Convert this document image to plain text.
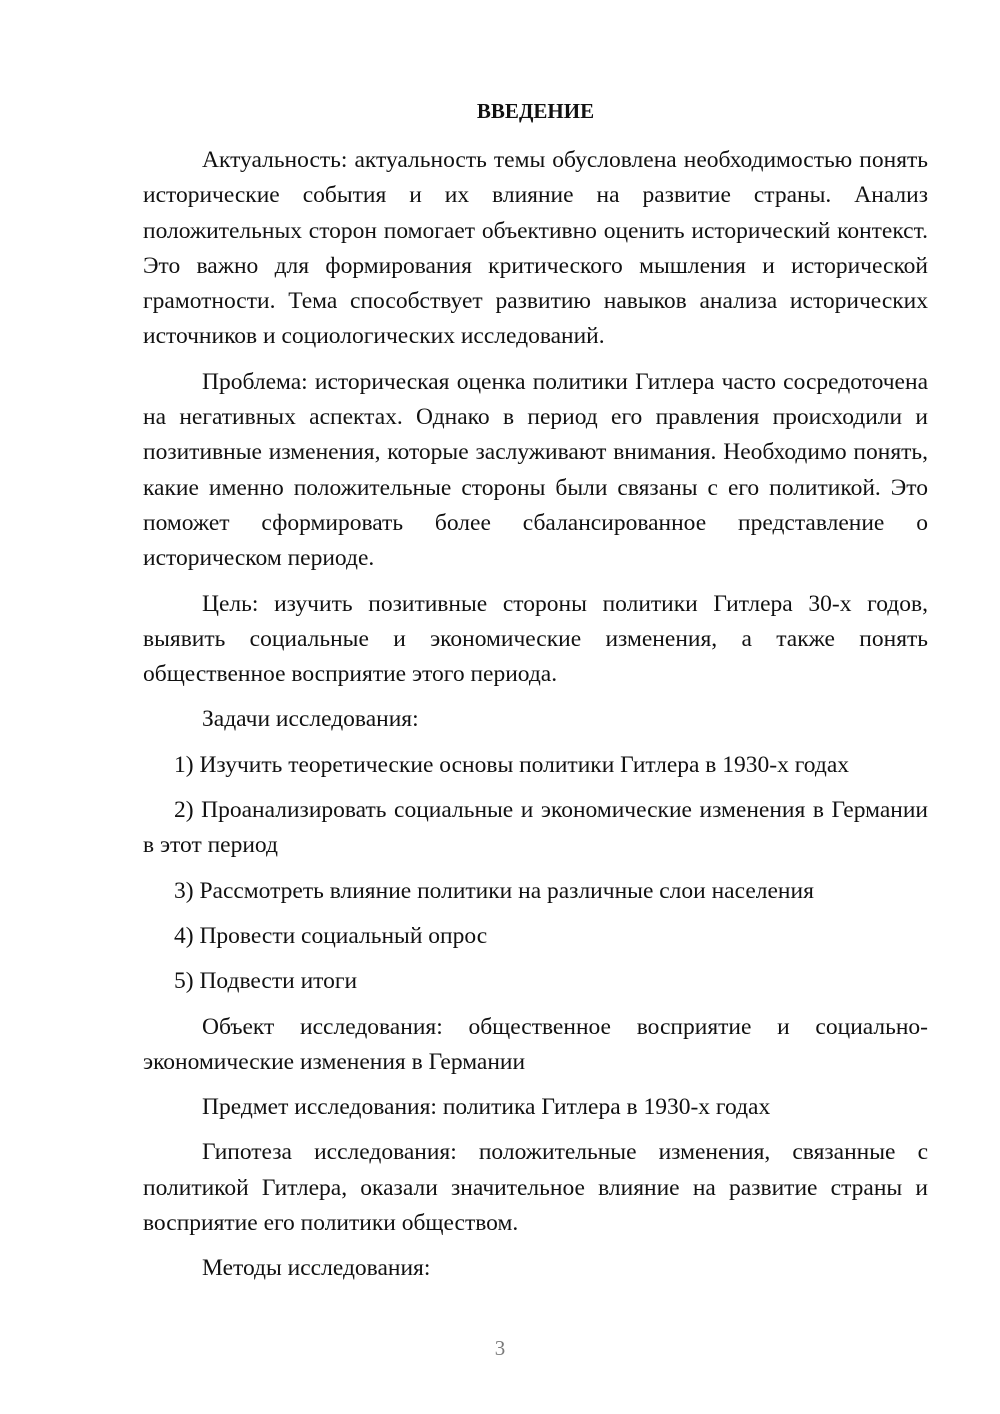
ВВЕДЕНИЕ

Актуальность: актуальность темы обусловлена необходимостью понять исторические события и их влияние на развитие страны. Анализ положительных сторон помогает объективно оценить исторический контекст. Это важно для формирования критического мышления и исторической грамотности. Тема способствует развитию навыков анализа исторических источников и социологических исследований.

Проблема: историческая оценка политики Гитлера часто сосредоточена на негативных аспектах. Однако в период его правления происходили и позитивные изменения, которые заслуживают внимания. Необходимо понять, какие именно положительные стороны были связаны с его политикой. Это поможет сформировать более сбалансированное представление о историческом периоде.

Цель: изучить позитивные стороны политики Гитлера 30-х годов, выявить социальные и экономические изменения, а также понять общественное восприятие этого периода.

Задачи исследования:

1) Изучить теоретические основы политики Гитлера в 1930-х годах

2) Проанализировать социальные и экономические изменения в Германии в этот период

3) Рассмотреть влияние политики на различные слои населения

4) Провести социальный опрос

5) Подвести итоги

Объект исследования: общественное восприятие и социально-экономические изменения в Германии

Предмет исследования: политика Гитлера в 1930-х годах

Гипотеза исследования: положительные изменения, связанные с политикой Гитлера, оказали значительное влияние на развитие страны и восприятие его политики обществом.

Методы исследования:

3
